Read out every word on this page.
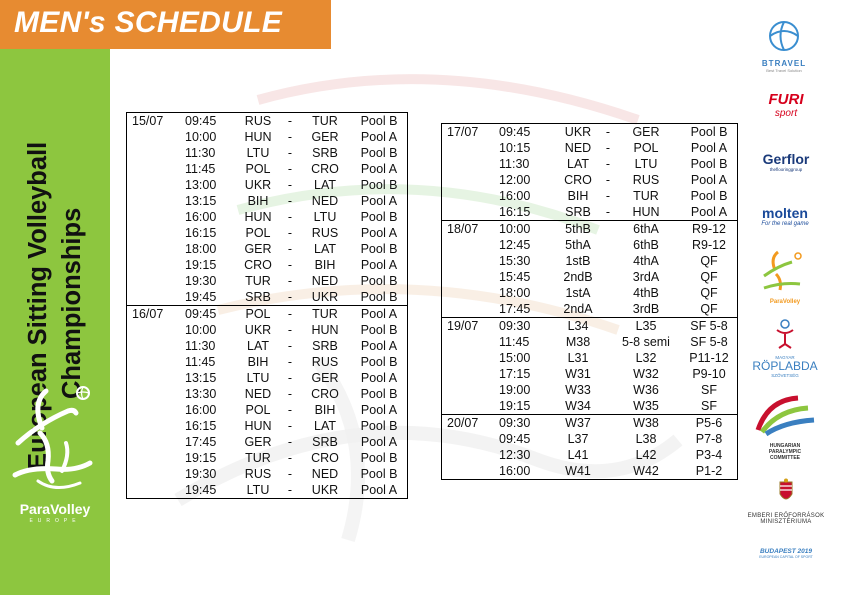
MEN's SCHEDULE
European Sitting Volleyball Championships
ParaVolley
EUROPE
15/07	09:45	RUS	-	TUR	Pool B
	10:00	HUN	-	GER	Pool A
	11:30	LTU	-	SRB	Pool B
	11:45	POL	-	CRO	Pool A
	13:00	UKR	-	LAT	Pool B
	13:15	BIH	-	NED	Pool A
	16:00	HUN	-	LTU	Pool B
	16:15	POL	-	RUS	Pool A
	18:00	GER	-	LAT	Pool B
	19:15	CRO	-	BIH	Pool A
	19:30	TUR	-	NED	Pool B
	19:45	SRB	-	UKR	Pool B
16/07	09:45	POL	-	TUR	Pool A
	10:00	UKR	-	HUN	Pool B
	11:30	LAT	-	SRB	Pool A
	11:45	BIH	-	RUS	Pool B
	13:15	LTU	-	GER	Pool A
	13:30	NED	-	CRO	Pool B
	16:00	POL	-	BIH	Pool A
	16:15	HUN	-	LAT	Pool B
	17:45	GER	-	SRB	Pool A
	19:15	TUR	-	CRO	Pool B
	19:30	RUS	-	NED	Pool B
	19:45	LTU	-	UKR	Pool A
17/07	09:45	UKR	-	GER	Pool B
	10:15	NED	-	POL	Pool A
	11:30	LAT	-	LTU	Pool B
	12:00	CRO	-	RUS	Pool A
	16:00	BIH	-	TUR	Pool B
	16:15	SRB	-	HUN	Pool A
18/07	10:00	5thB		6thA	R9-12
	12:45	5thA		6thB	R9-12
	15:30	1stB		4thA	QF
	15:45	2ndB		3rdA	QF
	18:00	1stA		4thB	QF
	17:45	2ndA		3rdB	QF
19/07	09:30	L34		L35	SF 5-8
	11:45	M38		5-8 semi	SF 5-8
	15:00	L31		L32	P11-12
	17:15	W31		W32	P9-10
	19:00	W33		W36	SF
	19:15	W34		W35	SF
20/07	09:30	W37		W38	P5-6
	09:45	L37		L38	P7-8
	12:30	L41		L42	P3-4
	16:00	W41		W42	P1-2
BTRAVEL
Best Travel Solution
FURI
sport
Gerflor
theflooringgroup
molten
For the real game
ParaVolley
MAGYAR
RÖPLABDA
SZÖVETSÉG
HUNGARIAN
PARALYMPIC
COMMITTEE
EMBERI ERŐFORRÁSOK
MINISZTÉRIUMA
BUDAPEST 2019
EUROPEAN CAPITAL OF SPORT
